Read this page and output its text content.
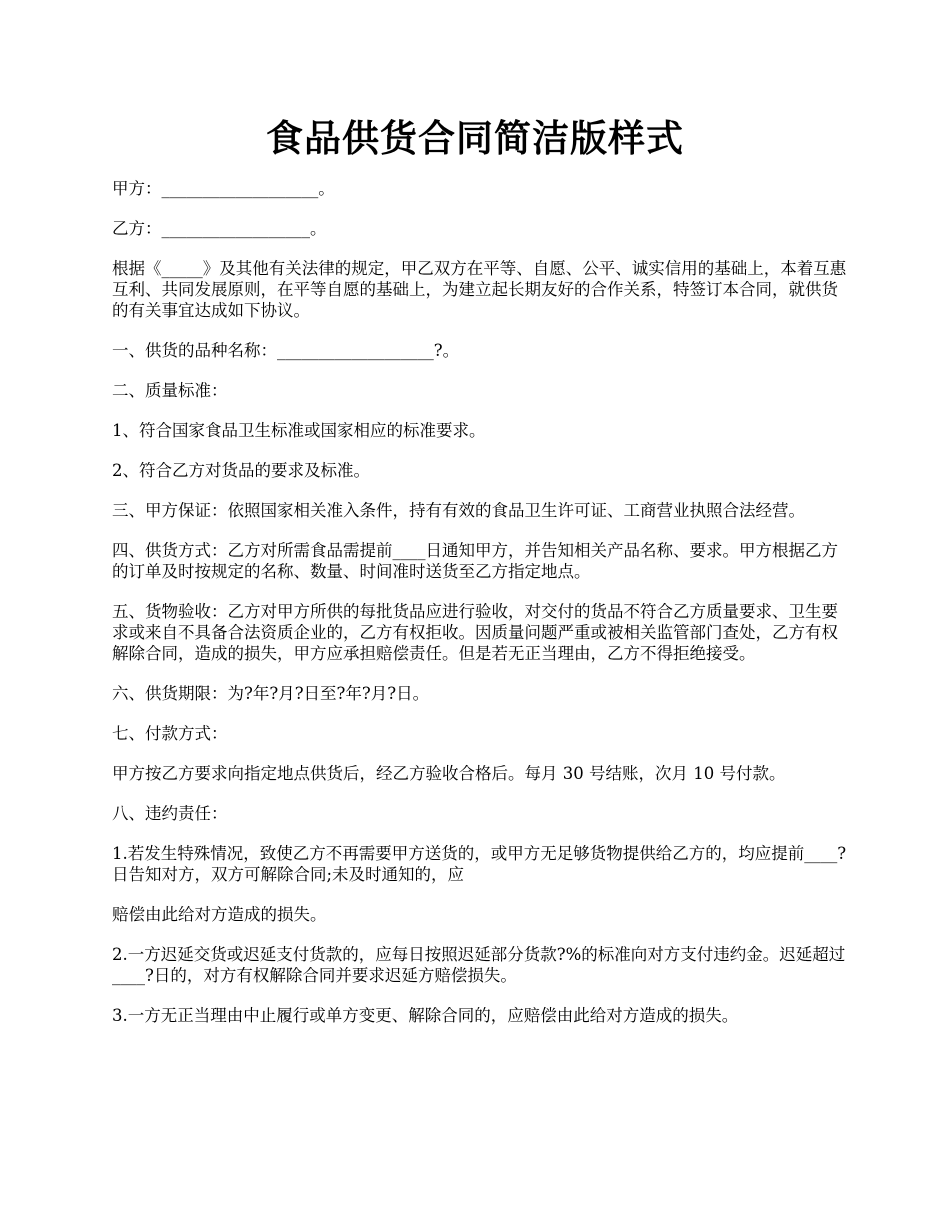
食品供货合同简洁版样式

甲方：___________________。

乙方：__________________。

根据《_____》及其他有关法律的规定，甲乙双方在平等、自愿、公平、诚实信用的基础上，本着互惠互利、共同发展原则，在平等自愿的基础上，为建立起长期友好的合作关系，特签订本合同，就供货的有关事宜达成如下协议。

一、供货的品种名称：___________________?。

二、质量标准：

1、符合国家食品卫生标准或国家相应的标准要求。

2、符合乙方对货品的要求及标准。

三、甲方保证：依照国家相关准入条件，持有有效的食品卫生许可证、工商营业执照合法经营。

四、供货方式：乙方对所需食品需提前____日通知甲方，并告知相关产品名称、要求。甲方根据乙方的订单及时按规定的名称、数量、时间准时送货至乙方指定地点。

五、货物验收：乙方对甲方所供的每批货品应进行验收，对交付的货品不符合乙方质量要求、卫生要求或来自不具备合法资质企业的，乙方有权拒收。因质量问题严重或被相关监管部门查处，乙方有权解除合同，造成的损失，甲方应承担赔偿责任。但是若无正当理由，乙方不得拒绝接受。

六、供货期限：为?年?月?日至?年?月?日。

七、付款方式：

甲方按乙方要求向指定地点供货后，经乙方验收合格后。每月 30 号结账，次月 10 号付款。

八、违约责任：

1.若发生特殊情况，致使乙方不再需要甲方送货的，或甲方无足够货物提供给乙方的，均应提前____?日告知对方，双方可解除合同;未及时通知的，应

赔偿由此给对方造成的损失。

2.一方迟延交货或迟延支付货款的，应每日按照迟延部分货款?%的标准向对方支付违约金。迟延超过____?日的，对方有权解除合同并要求迟延方赔偿损失。

3.一方无正当理由中止履行或单方变更、解除合同的，应赔偿由此给对方造成的损失。
